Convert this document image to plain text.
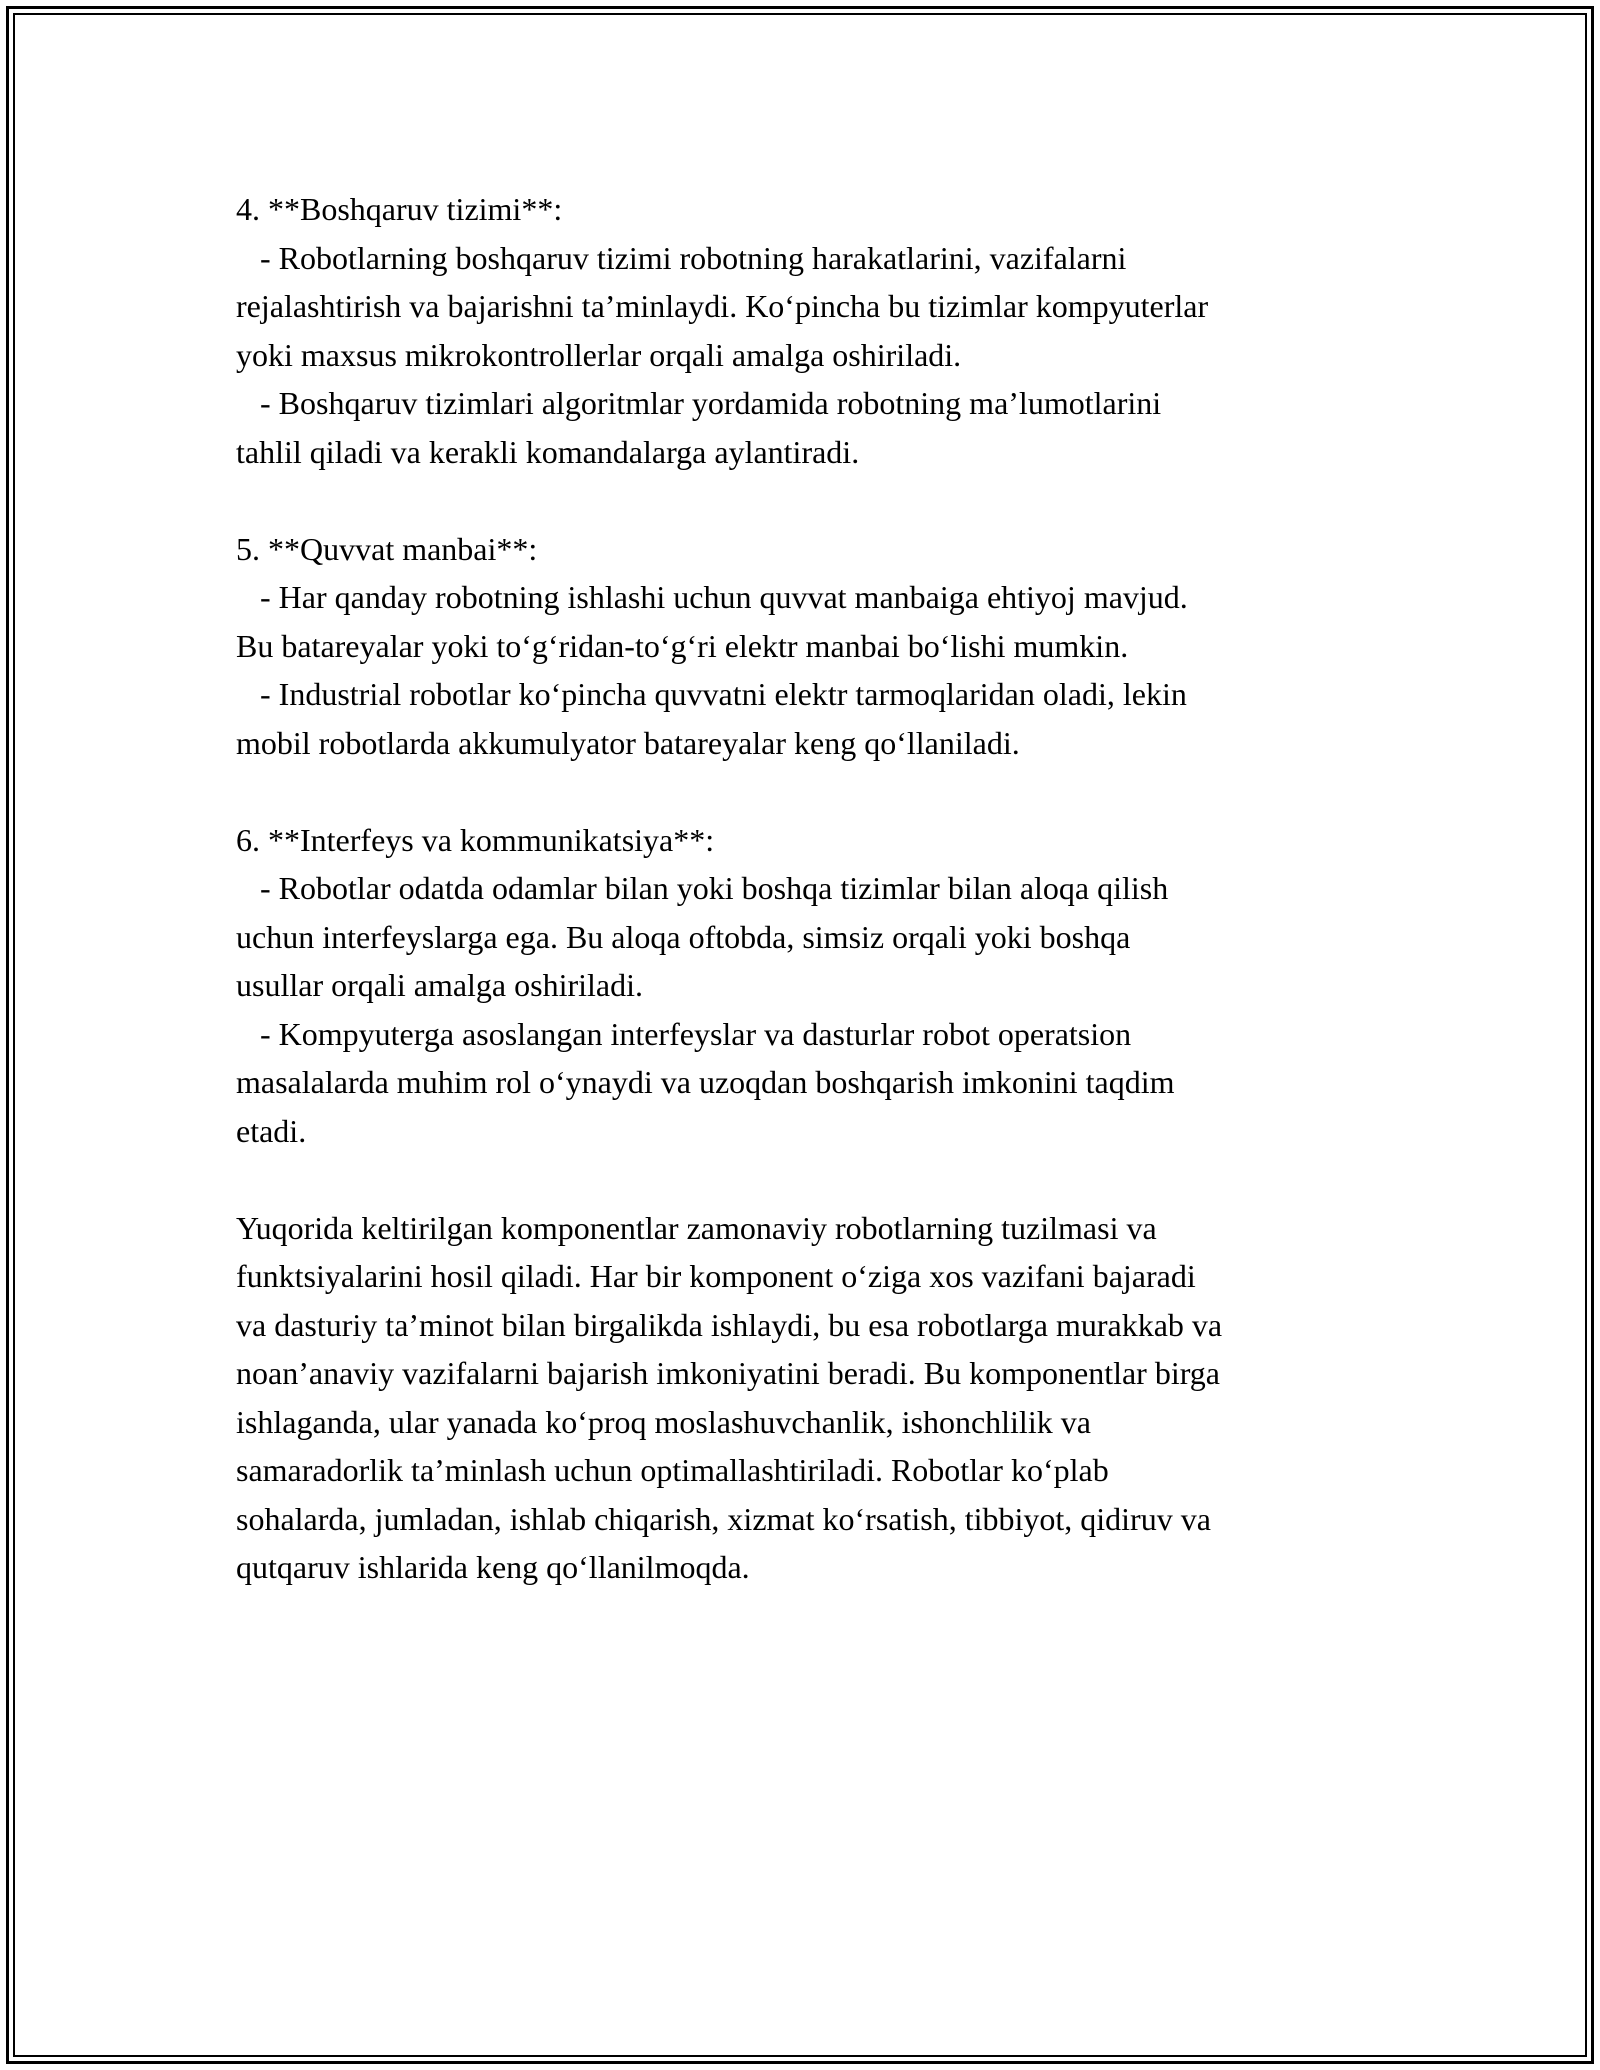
4. **Boshqaruv tizimi**:
- Robotlarning boshqaruv tizimi robotning harakatlarini, vazifalarni
rejalashtirish va bajarishni ta’minlaydi. Ko‘pincha bu tizimlar kompyuterlar
yoki maxsus mikrokontrollerlar orqali amalga oshiriladi.
- Boshqaruv tizimlari algoritmlar yordamida robotning ma’lumotlarini
tahlil qiladi va kerakli komandalarga aylantiradi.
5. **Quvvat manbai**:
- Har qanday robotning ishlashi uchun quvvat manbaiga ehtiyoj mavjud.
Bu batareyalar yoki to‘g‘ridan-to‘g‘ri elektr manbai bo‘lishi mumkin.
- Industrial robotlar ko‘pincha quvvatni elektr tarmoqlaridan oladi, lekin
mobil robotlarda akkumulyator batareyalar keng qo‘llaniladi.
6. **Interfeys va kommunikatsiya**:
- Robotlar odatda odamlar bilan yoki boshqa tizimlar bilan aloqa qilish
uchun interfeyslarga ega. Bu aloqa oftobda, simsiz orqali yoki boshqa
usullar orqali amalga oshiriladi.
- Kompyuterga asoslangan interfeyslar va dasturlar robot operatsion
masalalarda muhim rol o‘ynaydi va uzoqdan boshqarish imkonini taqdim
etadi.
Yuqorida keltirilgan komponentlar zamonaviy robotlarning tuzilmasi va
funktsiyalarini hosil qiladi. Har bir komponent o‘ziga xos vazifani bajaradi
va dasturiy ta’minot bilan birgalikda ishlaydi, bu esa robotlarga murakkab va
noan’anaviy vazifalarni bajarish imkoniyatini beradi. Bu komponentlar birga
ishlaganda, ular yanada ko‘proq moslashuvchanlik, ishonchlilik va
samaradorlik ta’minlash uchun optimallashtiriladi. Robotlar ko‘plab
sohalarda, jumladan, ishlab chiqarish, xizmat ko‘rsatish, tibbiyot, qidiruv va
qutqaruv ishlarida keng qo‘llanilmoqda.
